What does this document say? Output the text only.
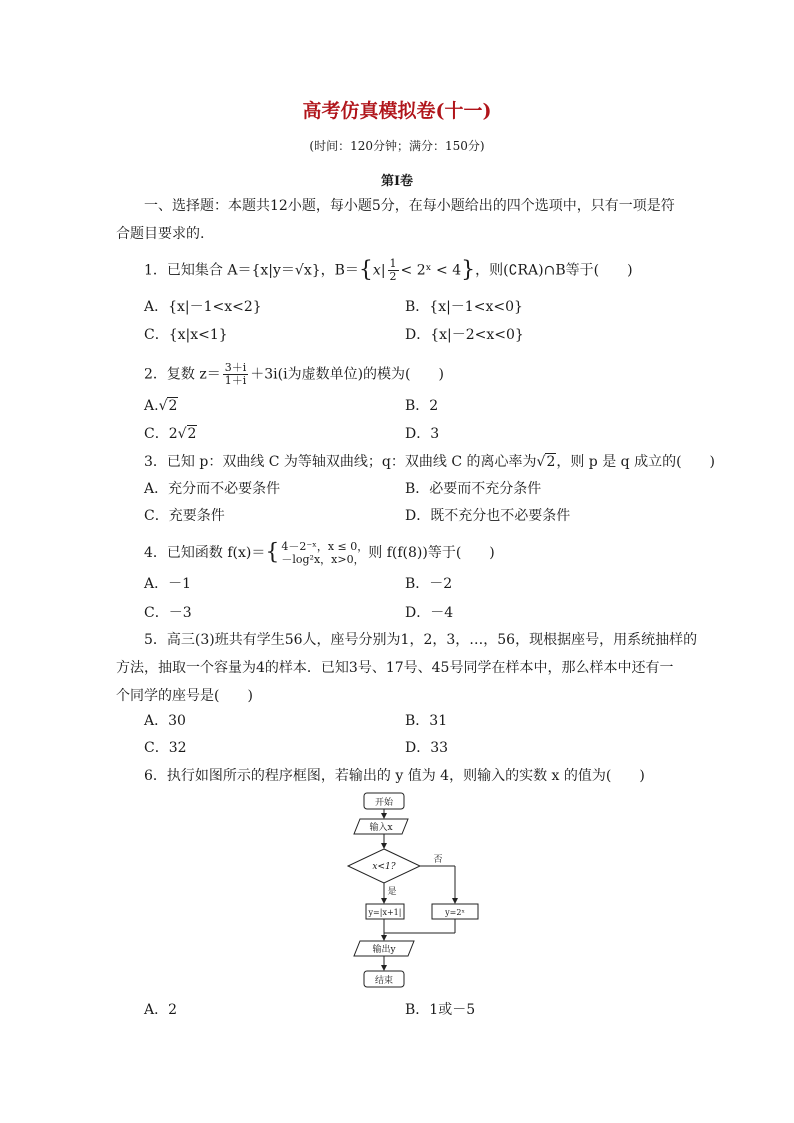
高考仿真模拟卷(十一)
(时间：120分钟；满分：150分)
第Ⅰ卷
一、选择题：本题共12小题，每小题5分，在每小题给出的四个选项中，只有一项是符
合题目要求的.
1．已知集合 A＝{x|y＝√x}，$B=\{x| \frac{1}{2}$ < 2ˣ < 4}，则(∁RA)∩B等于(　　)
A．{x|－1<x<2}	B．{x|－1<x<0}
C．{x|x<1}	D．{x|－2<x<0}
2．复数 $z= \frac{3+i}{1+i} +3i(i$为虚数单位)的模为(　　)
A.√2	B．2
C．2√2	D．3
3．已知 p：双曲线 C 为等轴双曲线；q：双曲线 C 的离心率为√2，则 p 是 q 成立的(　　)
A．充分而不必要条件	B．必要而不充分条件
C．充要条件	D．既不充分也不必要条件
4．已知函数 f(x)＝{ 4－2⁻ˣ，x ≤ 0，
－log²x，x>0， 则 f(f(8))等于(　　)
A．－1	B．－2
C．－3	D．－4
5．高三(3)班共有学生56人，座号分别为1，2，3，…，56，现根据座号，用系统抽样的
方法，抽取一个容量为4的样本．已知3号、17号、45号同学在样本中，那么样本中还有一
个同学的座号是(　　)
A．30	B．31
C．32	D．33
6．执行如图所示的程序框图，若输出的 y 值为 4，则输入的实数 x 的值为(　　)
开始
输入x
x<1?
否
是
y=|x+1|	y=2ˣ
输出y
结束
A．2	B．1或－5
